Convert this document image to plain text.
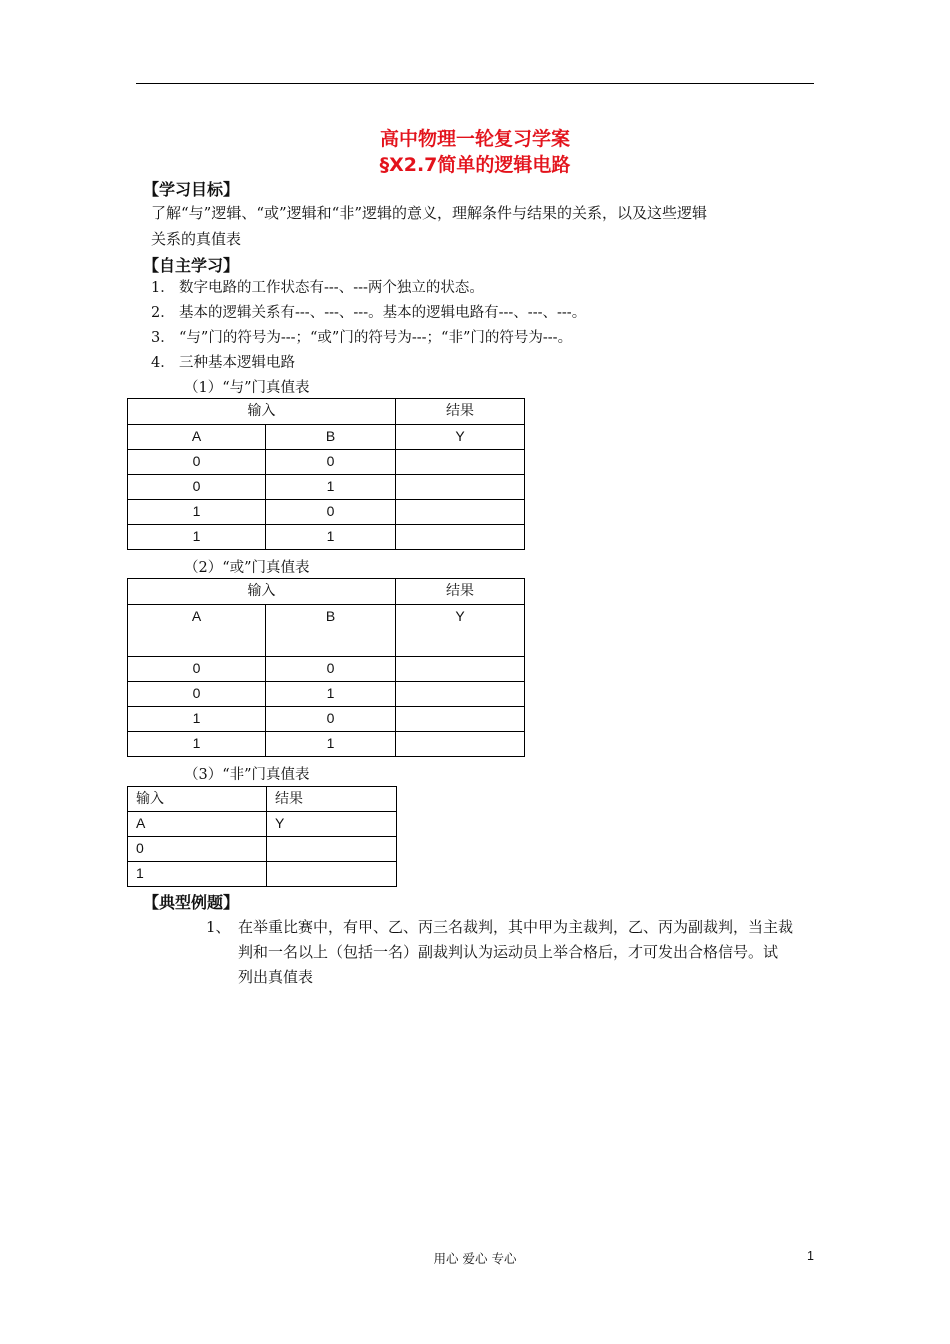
高中物理一轮复习学案
§X2.7简单的逻辑电路
【学习目标】
了解“与”逻辑、“或”逻辑和“非”逻辑的意义，理解条件与结果的关系，以及这些逻辑
关系的真值表
【自主学习】
1． 数字电路的工作状态有---、---两个独立的状态。
2． 基本的逻辑关系有---、---、---。基本的逻辑电路有---、---、---。
3． “与”门的符号为---；“或”门的符号为---；“非”门的符号为---。
4． 三种基本逻辑电路
（1）“与”门真值表
输入		结果
A	B	Y
0	0	
0	1	
1	0	
1	1	
（2）“或”门真值表
输入		结果
A	B	Y
0	0	
0	1	
1	0	
1	1	
（3）“非”门真值表
输入	结果
A	Y
0	
1	
【典型例题】
1、 在举重比赛中，有甲、乙、丙三名裁判，其中甲为主裁判，乙、丙为副裁判，当主裁
判和一名以上（包括一名）副裁判认为运动员上举合格后，才可发出合格信号。试
列出真值表
用心 爱心 专心	1
